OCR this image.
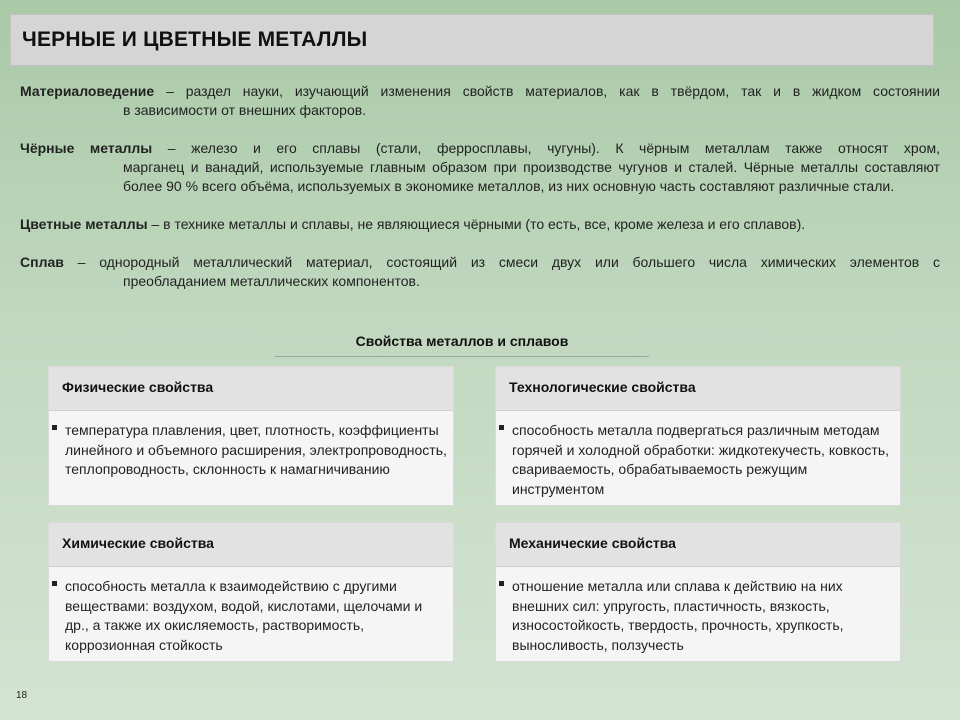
ЧЕРНЫЕ И ЦВЕТНЫЕ МЕТАЛЛЫ
Материаловедение – раздел науки, изучающий изменения свойств материалов, как в твёрдом, так и в жидком состоянии
в зависимости от внешних факторов.
Чёрные металлы – железо и его сплавы (стали, ферросплавы, чугуны). К чёрным металлам также относят хром,
марганец и ванадий, используемые главным образом при производстве чугунов и сталей. Чёрные металлы составляют более 90 % всего объёма, используемых в экономике металлов, из них основную часть составляют различные стали.
Цветные металлы – в технике металлы и сплавы, не являющиеся чёрными (то есть, все, кроме железа и его сплавов).
Сплав – однородный металлический материал, состоящий из смеси двух или большего числа химических элементов с
преобладанием металлических компонентов.
Свойства металлов и сплавов
Физические свойства
температура плавления, цвет, плотность, коэффициенты линейного и объемного расширения, электропроводность, теплопроводность, склонность к намагничиванию
Технологические свойства
способность металла подвергаться различным методам горячей и холодной обработки: жидкотекучесть, ковкость, свариваемость, обрабатываемость режущим инструментом
Химические свойства
способность металла к взаимодействию с другими веществами: воздухом, водой, кислотами, щелочами и др., а также их окисляемость, растворимость, коррозионная стойкость
Механические свойства
отношение металла или сплава к действию на них внешних сил: упругость, пластичность, вязкость, износостойкость, твердость, прочность, хрупкость, выносливость, ползучесть
18
